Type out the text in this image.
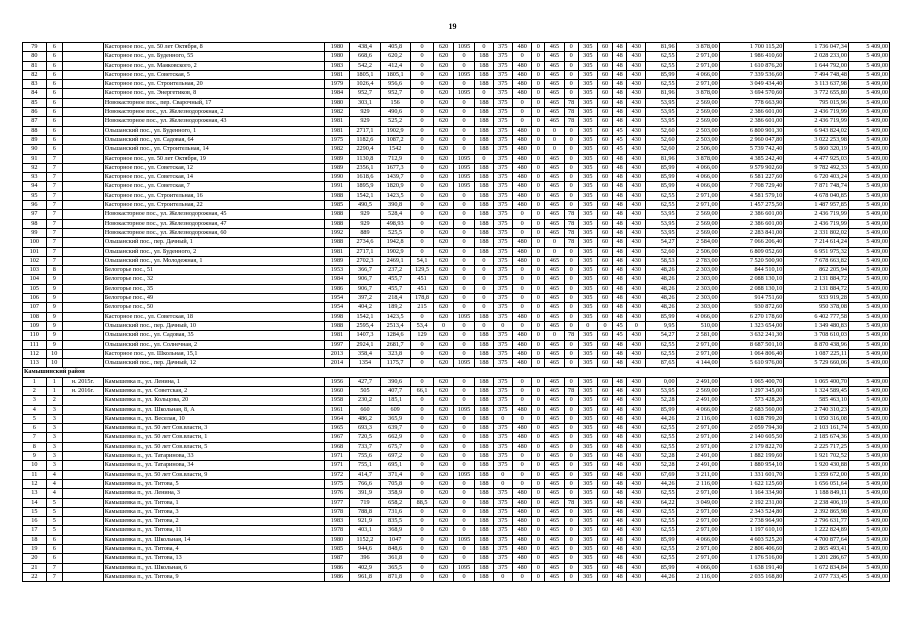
19
79	6		Касторное пос., ул. 50 лет Октября, 8	1980	438,4	405,8	0	620	1095	0	375	480	0	465	0	305	60	48	430	81,96	3 878,00	1 700 115,20	1 736 047,34	5 409,00
80	6		Касторное пос., ул. Буденного, 55	1980	668,6	620,2	0	620	0	188	375	0	0	465	0	305	60	48	430	62,55	2 971,00	1 986 410,60	2 028 233,00	5 409,00
81	6		Касторное пос., ул. Маяковского, 2	1983	542,2	412,4	0	620	0	188	375	480	0	465	0	305	60	48	430	62,55	2 971,00	1 610 876,20	1 644 792,00	5 409,00
82	6		Касторное пос., ул. Советская, 5	1981	1805,1	1805,1	0	620	1095	188	375	480	0	465	0	305	60	48	430	85,99	4 066,00	7 339 536,60	7 494 748,48	5 409,00
83	6		Касторное пос., ул. Строительная, 20	1979	1026,4	956,6	0	620	0	188	375	480	0	465	0	305	60	48	430	62,55	2 971,00	3 049 434,40	3 113 637,98	5 409,00
84	6		Касторное пос., ул. Энергетиков, 8	1984	952,7	952,7	0	620	1095	0	375	480	0	465	0	305	60	48	430	81,96	3 878,00	3 694 570,60	3 772 655,80	5 409,00
85	6		Новокасторное пос., пер. Сварочный, 17	1980	303,1	156	0	620	0	188	375	0	0	465	78	305	60	48	430	53,95	2 569,00	778 663,90	795 015,96	5 409,00
86	6		Новокасторное пос., ул. Железнодорожная, 2	1982	929	490,6	0	620	0	188	375	0	0	465	78	305	60	48	430	53,95	2 569,00	2 386 601,00	2 436 719,99	5 409,00
87	6		Новокасторное пос., ул. Железнодорожная, 43	1981	929	525,2	0	620	0	188	375	0	0	465	78	305	60	48	430	53,95	2 569,00	2 386 601,00	2 436 719,99	5 409,00
88	6		Ольшанский пос., ул. Буденного, 1	1981	2717,1	1902,9	0	620	0	188	375	480	0	0	0	305	60	45	430	52,60	2 503,00	6 800 901,30	6 943 824,02	5 409,00
89	6		Ольшанский пос., ул. Садовая, 64	1975	1182,6	1087,2	0	620	0	188	375	480	0	0	0	305	60	45	430	52,60	2 503,00	2 960 047,80	3 022 253,98	5 409,00
90	6		Ольшанский пос., ул. Строительная, 14	1982	2290,4	1542	0	620	0	188	375	480	0	0	0	305	60	45	430	52,60	2 506,00	5 739 742,40	5 860 320,19	5 409,00
91	7		Касторное пос., ул. 50 лет Октября, 19	1989	1130,8	712,9	0	620	1095	0	375	480	0	465	0	305	60	48	430	81,96	3 878,00	4 385 242,40	4 477 925,03	5 409,00
92	7		Касторное пос., ул. Советская, 12	1989	2356,1	1677,3	0	620	1095	188	375	480	0	465	0	305	60	48	430	85,99	4 066,00	9 579 902,60	9 782 492,33	5 409,00
93	7		Касторное пос., ул. Советская, 14	1990	1618,6	1439,7	0	620	1095	188	375	480	0	465	0	305	60	48	430	85,99	4 066,00	6 581 227,60	6 720 403,24	5 409,00
94	7		Касторное пос., ул. Советская, 7	1991	1895,9	1820,9	0	620	1095	188	375	480	0	465	0	305	60	48	430	85,99	4 066,00	7 708 729,40	7 871 748,74	5 409,00
95	7		Касторное пос., ул. Строительная, 16	1988	1542,1	1423,5	0	620	0	188	375	480	0	465	0	305	60	48	430	62,55	2 971,00	4 581 579,10	4 678 040,85	5 409,00
96	7		Касторное пос., ул. Строительная, 22	1985	490,5	390,8	0	620	0	188	375	480	0	465	0	305	60	48	430	62,55	2 971,00	1 457 275,50	1 487 957,85	5 409,00
97	7		Новокасторное пос., ул. Железнодорожная, 45	1988	929	528,4	0	620	0	188	375	0	0	465	78	305	60	48	430	53,95	2 569,00	2 386 601,00	2 436 719,99	5 409,00
98	7		Новокасторное пос., ул. Железнодорожная, 47	1988	929	498,93	0	620	0	188	375	0	0	465	78	305	60	48	430	53,95	2 569,00	2 386 601,00	2 436 719,99	5 409,00
99	7		Новокасторное пос., ул. Железнодорожная, 60	1992	889	525,5	0	620	0	188	375	0	0	465	78	305	60	48	430	53,95	2 569,00	2 283 841,00	2 331 802,02	5 409,00
100	7		Ольшанский пос., пер. Дачный, 1	1988	2734,6	1942,8	0	620	0	188	375	480	0	0	78	305	60	48	430	54,27	2 584,00	7 066 206,40	7 214 614,24	5 409,00
101	7		Ольшанский пос., ул. Буденного, 2	1981	2717,1	1902,9	0	620	0	188	375	480	0	0	0	305	60	48	430	52,60	2 506,00	6 809 052,60	6 951 975,32	5 409,00
102	7		Ольшанский пос., ул. Молодежная, 1	1989	2702,3	2469,1	54,1	620	0	0	375	480	0	465	0	305	60	48	430	58,53	2 783,00	7 520 500,90	7 678 663,82	5 409,00
103	8		Белогорье пос., 51	1953	366,7	237,2	129,5	620	0	0	375	0	0	465	0	305	60	48	430	48,26	2 303,00	844 510,10	862 205,94	5 409,00
104	9		Белогорье пос., 32	1984	906,7	455,7	451	620	0	0	375	0	0	465	0	305	60	48	430	48,26	2 303,00	2 088 130,10	2 131 884,72	5 409,00
105	9		Белогорье пос., 35	1986	906,7	455,7	451	620	0	0	375	0	0	465	0	305	60	48	430	48,26	2 303,00	2 088 130,10	2 131 884,72	5 409,00
106	9		Белогорье пос., 49	1954	397,2	218,4	178,8	620	0	0	375	0	0	465	0	305	60	48	430	48,26	2 303,00	914 751,60	933 919,28	5 409,00
107	9		Белогорье пос., 50	1954	404,2	189,2	215	620	0	0	375	0	0	465	0	305	60	48	430	48,26	2 303,00	930 872,60	950 378,08	5 409,00
108	9		Касторное пос., ул. Советская, 18	1998	1542,1	1423,5	0	620	1095	188	375	480	0	465	0	305	60	48	430	85,99	4 066,00	6 270 178,60	6 402 777,58	5 409,00
109	9		Ольшанский пос., пер. Дачный, 10	1988	2595,4	2513,4	53,4	0	0	0	0	0	0	465	0	0	0	45	0	9,95	510,00	1 323 654,00	1 349 480,83	5 409,00
110	9		Ольшанский пос., ул. Садовая, 35	1981	1407,3	1284,6	129	620	0	188	375	480	0	0	78	305	60	45	430	54,27	2 581,00	3 632 241,30	3 708 610,03	5 409,00
111	9		Ольшанский пос., ул. Солнечная, 2	1997	2924,1	2681,7	0	620	0	188	375	480	0	465	0	305	60	48	430	62,55	2 971,00	8 687 501,10	8 870 438,96	5 409,00
112	10		Касторное пос., ул. Школьная, 15,1	2013	358,4	323,8	0	620	0	188	375	480	0	465	0	305	60	48	430	62,55	2 971,00	1 064 806,40	1 087 225,11	5 409,00
113	10		Ольшанский пос., пер. Дачный, 12	2014	1354	1175,7	0	620	1095	188	375	480	0	465	0	305	60	48	430	87,65	4 144,00	5 610 976,00	5 729 660,06	5 409,00
Камышинский район																								
1	1	н. 2015г.	Камышевка п., ул. Ленина, 1	1956	427,7	390,6	0	620	0	188	375	0	0	465	0	305	60	48	430	0,00	2 491,00	1 065 400,70	1 065 400,70	5 409,00
2	1	н. 2016г.	Камышевка п., ул. Советская, 2	1960	505	407,7	66,1	620	0	188	375	0	0	465	78	305	60	48	430	53,95	2 569,00	1 297 345,00	1 324 589,45	5 409,00
3	2		Камышевка п., ул. Кольцова, 20	1958	230,2	185,1	0	620	0	188	375	0	0	465	0	305	60	48	430	52,28	2 491,00	573 428,20	585 463,10	5 409,00
4	3		Камышевка п., ул. Школьная, 8, А	1961	660	609	0	620	1095	188	375	480	0	465	0	305	60	48	430	85,99	4 066,00	2 683 560,00	2 740 310,23	5 409,00
5	3		Камышевка п., ул. Веселая, 10	1964	486,2	365,9	0	620	0	188	0	0	0	465	0	305	60	48	430	44,26	2 116,00	1 028 799,20	1 050 316,08	5 409,00
6	3		Камышевка п., ул. 50 лет Сов.власти, 3	1965	693,3	639,7	0	620	0	188	375	480	0	465	0	305	60	48	430	62,55	2 971,00	2 059 794,30	2 103 161,74	5 409,00
7	3		Камышевка п., ул. 50 лет Сов.власти, 1	1967	720,5	662,9	0	620	0	188	375	480	0	465	0	305	60	48	430	62,55	2 971,00	2 140 605,50	2 185 674,36	5 409,00
8	3		Камышевка п., ул. 50 лет Сов.власти, 5	1968	733,7	675,7	0	620	0	188	375	480	0	465	0	305	60	48	430	62,55	2 971,00	2 179 822,70	2 225 717,25	5 409,00
9	3		Камышевка п., ул. Татаринова, 33	1971	755,6	697,2	0	620	0	188	375	0	0	465	0	305	60	48	430	52,28	2 491,00	1 882 199,60	1 921 702,52	5 409,00
10	3		Камышевка п., ул. Татаринова, 34	1971	755,1	695,1	0	620	0	188	375	0	0	465	0	305	60	48	430	52,28	2 491,00	1 880 954,10	1 920 430,88	5 409,00
11	4		Камышевка п., ул. 50 лет Сов.власти, 9	1972	414,7	371,4	0	620	1095	188	0	0	0	465	0	305	60	48	430	67,69	3 211,00	1 331 601,70	1 359 672,00	5 409,00
12	4		Камышевка п., ул. Титова, 5	1975	766,6	705,8	0	620	0	188	0	0	0	465	0	305	60	48	430	44,26	2 116,00	1 622 125,60	1 656 051,64	5 409,00
13	4		Камышевка п., ул. Ленина, 3	1976	391,9	358,9	0	620	0	188	375	480	0	465	0	305	60	48	430	62,55	2 971,00	1 164 334,90	1 188 849,11	5 409,00
14	5		Камышевка п., ул. Титова, 1	1977	719	658,2	88,5	620	0	188	375	480	0	465	78	305	60	48	430	64,22	3 049,00	2 192 231,00	2 238 406,19	5 409,00
15	5		Камышевка п., ул. Титова, 3	1978	788,8	731,6	0	620	0	188	375	480	0	465	0	305	60	48	430	62,55	2 971,00	2 343 524,80	2 392 865,98	5 409,00
16	5		Камышевка п., ул. Титова, 2	1983	921,9	835,5	0	620	0	188	375	480	0	465	0	305	60	48	430	62,55	2 971,00	2 738 964,90	2 796 631,77	5 409,00
17	5		Камышевка п., ул. Титова, 11	1978	403,1	368,9	0	620	0	188	375	480	0	465	0	305	60	48	430	62,55	2 971,00	1 197 610,10	1 222 824,89	5 409,00
18	6		Камышевка п., ул. Школьная, 14	1980	1152,2	1047	0	620	1095	188	375	480	0	465	0	305	60	48	430	85,99	4 066,00	4 603 525,20	4 700 877,64	5 409,00
19	6		Камышевка п., ул. Титова, 4	1985	944,6	848,6	0	620	0	188	375	480	0	465	0	305	60	48	430	62,55	2 971,00	2 806 406,60	2 865 493,41	5 409,00
20	6		Камышевка п., ул. Титова, 13	1987	396	361,8	0	620	0	188	375	480	0	465	0	305	60	48	430	62,55	2 971,00	1 176 516,00	1 201 286,67	5 409,00
21	7		Камышевка п., ул. Школьная, 6	1986	402,9	365,5	0	620	1095	188	375	480	0	465	0	305	60	48	430	85,99	4 066,00	1 638 191,40	1 672 834,84	5 409,00
22	7		Камышевка п., ул. Титова, 9	1986	961,8	871,8	0	620	0	188	0	0	0	465	0	305	60	48	430	44,26	2 116,00	2 035 168,80	2 077 733,45	5 409,00
